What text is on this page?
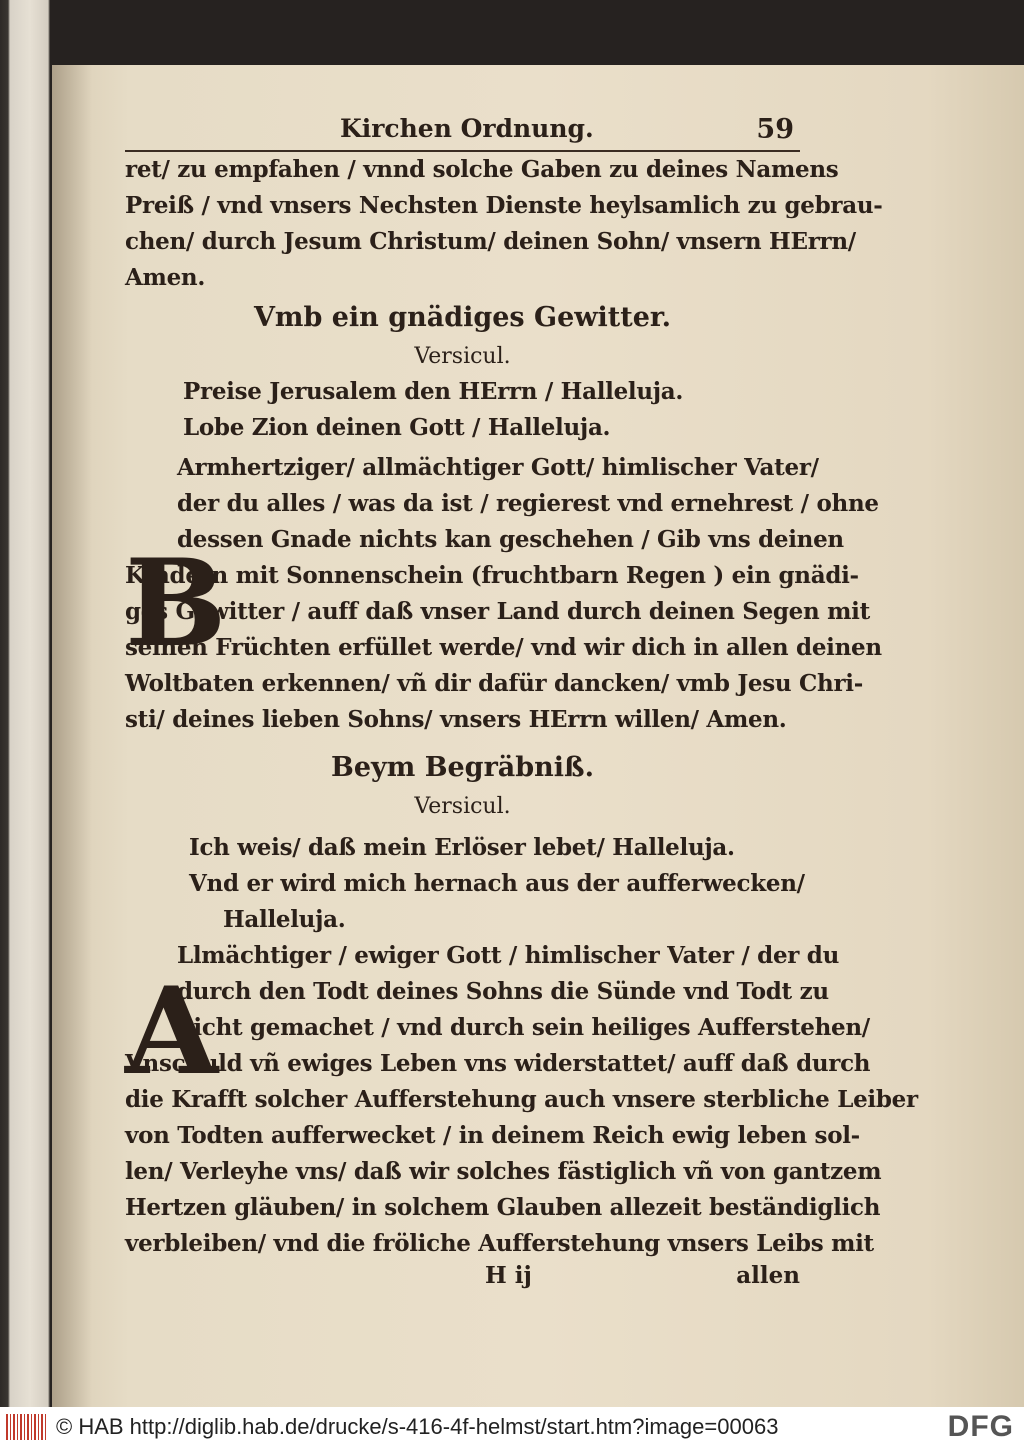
Kirchen Ordnung.	59
ret/ zu empfahen / vnnd solche Gaben zu deines Namens
Preiß / vnd vnsers Nechsten Dienste heylsamlich zu gebrau-
chen/ durch Jesum Christum/ deinen Sohn/ vnsern HErrn/
Amen.
Vmb ein gnädiges Gewitter.
Versicul.
Preise Jerusalem den HErrn / Halleluja.
Lobe Zion deinen Gott / Halleluja.
Armhertziger/ allmächtiger Gott/ himlischer Vater/
der du alles / was da ist / regierest vnd ernehrest / ohne
dessen Gnade nichts kan geschehen / Gib vns deinen
Kindern mit Sonnenschein (fruchtbarn Regen ) ein gnädi-
ges Gewitter / auff daß vnser Land durch deinen Segen mit
seinen Früchten erfüllet werde/ vnd wir dich in allen deinen
Woltbaten erkennen/ vñ dir dafür dancken/ vmb Jesu Chri-
sti/ deines lieben Sohns/ vnsers HErrn willen/ Amen.
Beym Begräbniß.
Versicul.
Ich weis/ daß mein Erlöser lebet/ Halleluja.
Vnd er wird mich hernach aus der aufferwecken/
Halleluja.
Llmächtiger / ewiger Gott / himlischer Vater / der du
durch den Todt deines Sohns die Sünde vnd Todt zu
nicht gemachet / vnd durch sein heiliges Aufferstehen/
Vnschuld vñ ewiges Leben vns widerstattet/ auff daß durch
die Krafft solcher Aufferstehung auch vnsere sterbliche Leiber
von Todten aufferwecket / in deinem Reich ewig leben sol-
len/ Verleyhe vns/ daß wir solches fästiglich vñ von gantzem
Hertzen gläuben/ in solchem Glauben allezeit beständiglich
verbleiben/ vnd die fröliche Aufferstehung vnsers Leibs mit
H ij	allen
B
A
© HAB http://diglib.hab.de/drucke/s-416-4f-helmst/start.htm?image=00063	DFG
